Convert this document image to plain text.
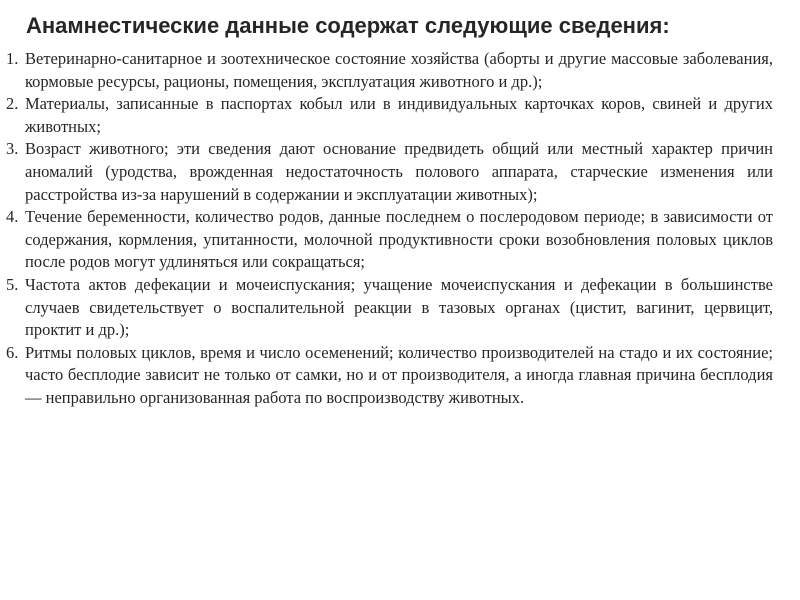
Анамнестические данные содержат следующие сведения:
1. Ветеринарно-санитарное и зоотехническое состояние хозяйства (аборты и другие массовые заболевания, кормовые ресурсы, рационы, помещения, эксплуатация животного и др.);
2. Материалы, записанные в паспортах кобыл или в индивидуальных карточках коров, свиней и других животных;
3. Возраст животного; эти сведения дают основание предвидеть общий или местный характер причин аномалий (уродства, врожденная недостаточность полового аппарата, старческие изменения или расстройства из-за нарушений в содержании и эксплуатации животных);
4. Течение беременности, количество родов, данные последнем о послеродовом периоде; в зависимости от содержания, кормления, упитанности, молочной продуктивности сроки возобновления половых циклов после родов могут удлиняться или сокращаться;
5. Частота актов дефекации и мочеиспускания; учащение мочеиспускания и дефекации в большинстве случаев свидетельствует о воспалительной реакции в тазовых органах (цистит, вагинит, цервицит, проктит и др.);
6. Ритмы половых циклов, время и число осеменений; количество производителей на стадо и их состояние; часто бесплодие зависит не только от самки, но и от производителя, а иногда главная причина бесплодия — неправильно организованная работа по воспроизводству животных.
